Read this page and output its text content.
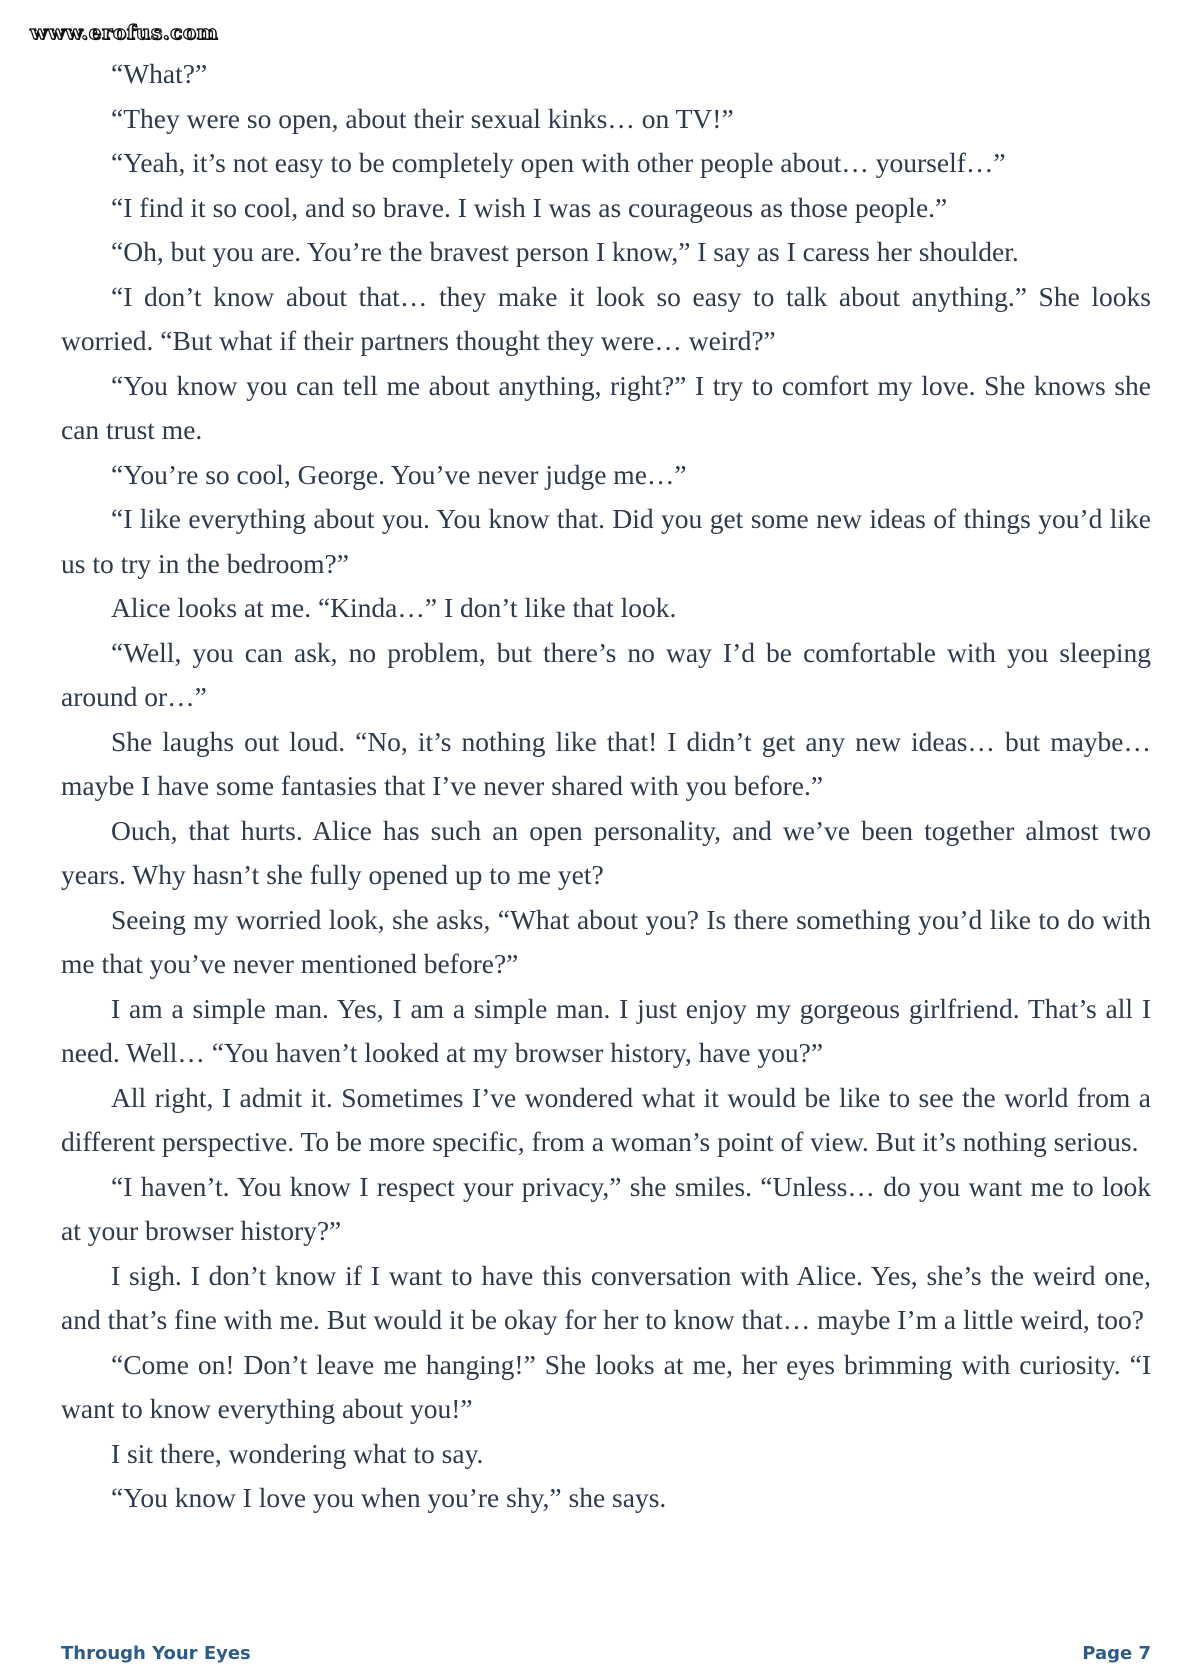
www.erofus.com

“What?”

“They were so open, about their sexual kinks… on TV!”

“Yeah, it’s not easy to be completely open with other people about… yourself…”

“I find it so cool, and so brave. I wish I was as courageous as those people.”

“Oh, but you are. You’re the bravest person I know,” I say as I caress her shoulder.

“I don’t know about that… they make it look so easy to talk about anything.” She looks worried. “But what if their partners thought they were… weird?”

“You know you can tell me about anything, right?” I try to comfort my love. She knows she can trust me.

“You’re so cool, George. You’ve never judge me…”

“I like everything about you. You know that. Did you get some new ideas of things you’d like us to try in the bedroom?”

Alice looks at me. “Kinda…” I don’t like that look.

“Well, you can ask, no problem, but there’s no way I’d be comfortable with you sleeping around or…”

She laughs out loud. “No, it’s nothing like that! I didn’t get any new ideas… but maybe… maybe I have some fantasies that I’ve never shared with you before.”

Ouch, that hurts. Alice has such an open personality, and we’ve been together almost two years. Why hasn’t she fully opened up to me yet?

Seeing my worried look, she asks, “What about you? Is there something you’d like to do with me that you’ve never mentioned before?”

I am a simple man. Yes, I am a simple man. I just enjoy my gorgeous girlfriend. That’s all I need. Well… “You haven’t looked at my browser history, have you?”

All right, I admit it. Sometimes I’ve wondered what it would be like to see the world from a different perspective. To be more specific, from a woman’s point of view. But it’s nothing serious.

“I haven’t. You know I respect your privacy,” she smiles. “Unless… do you want me to look at your browser history?”

I sigh. I don’t know if I want to have this conversation with Alice. Yes, she’s the weird one, and that’s fine with me. But would it be okay for her to know that… maybe I’m a little weird, too?

“Come on! Don’t leave me hanging!” She looks at me, her eyes brimming with curiosity. “I want to know everything about you!”

I sit there, wondering what to say.

“You know I love you when you’re shy,” she says.

Through Your Eyes	Page 7
